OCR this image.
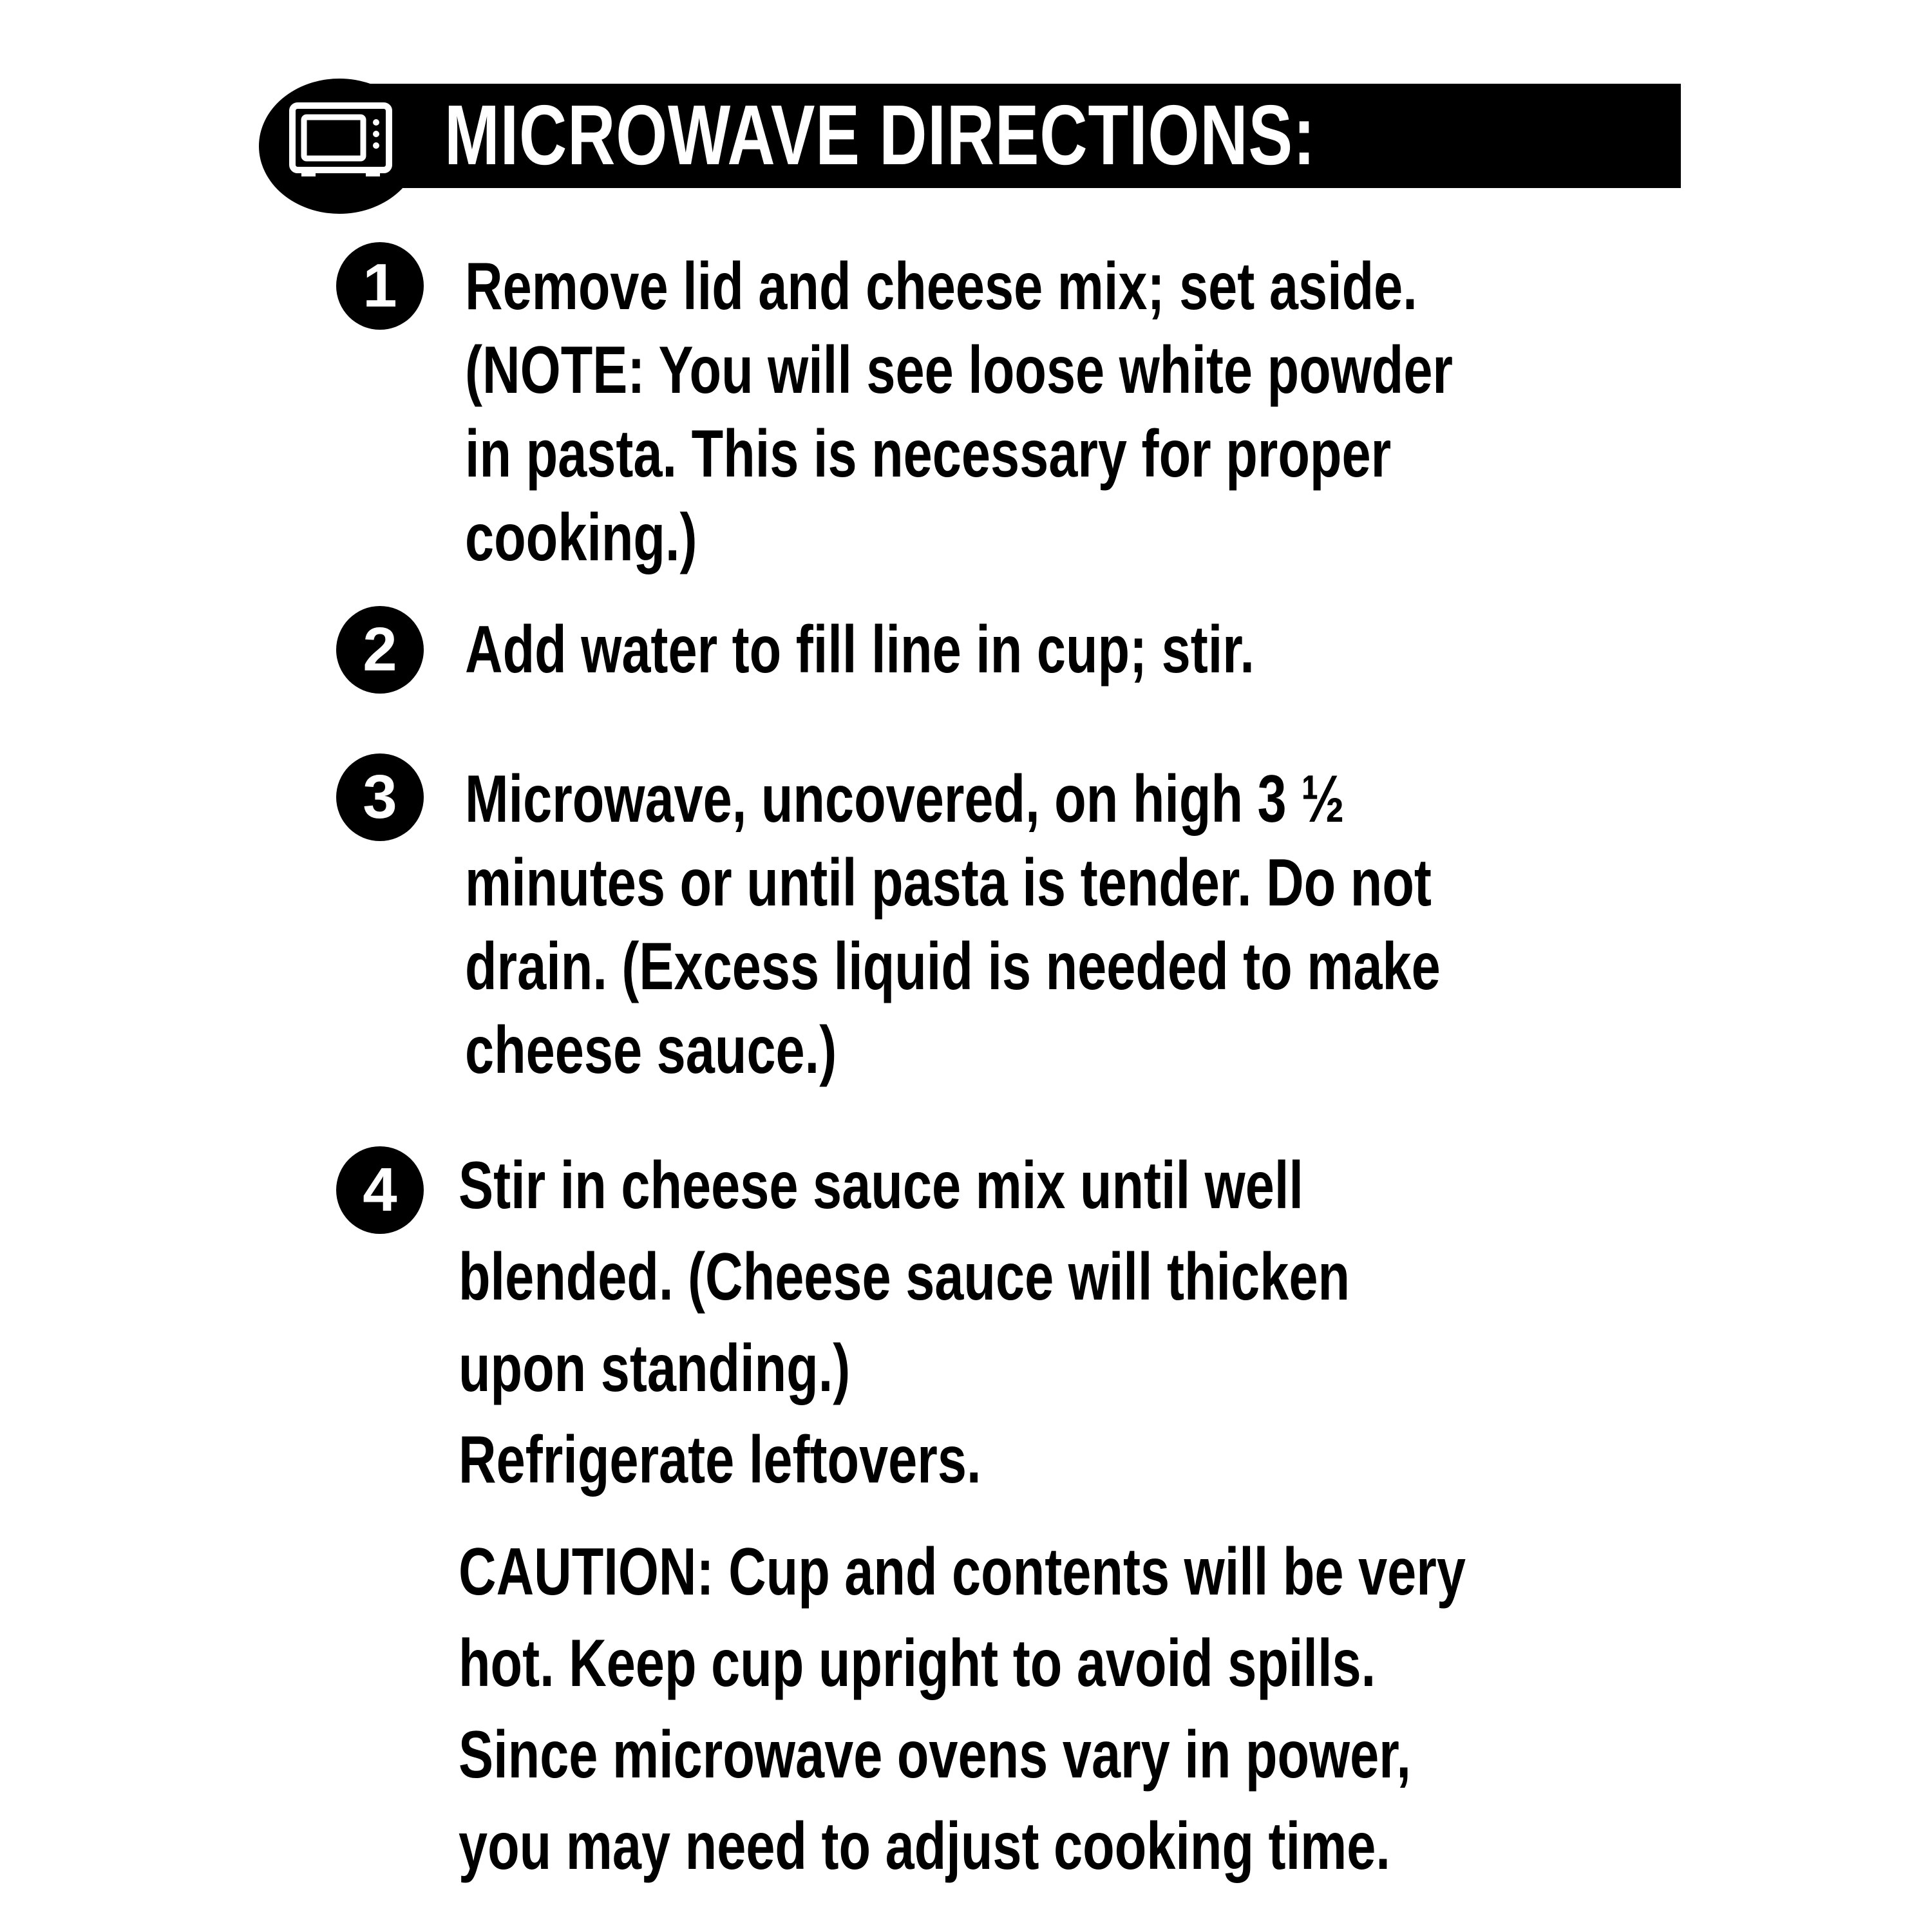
MICROWAVE DIRECTIONS:
1	Remove lid and cheese mix; set aside.
(NOTE: You will see loose white powder
in pasta. This is necessary for proper
cooking.)
2	Add water to fill line in cup; stir.
3	Microwave, uncovered, on high 3 ½
minutes or until pasta is tender. Do not
drain. (Excess liquid is needed to make
cheese sauce.)
4 Stir in cheese sauce mix until well
blended. (Cheese sauce will thicken
upon standing.)
Refrigerate leftovers.
CAUTION: Cup and contents will be very
hot. Keep cup upright to avoid spills.
Since microwave ovens vary in power,
you may need to adjust cooking time.
